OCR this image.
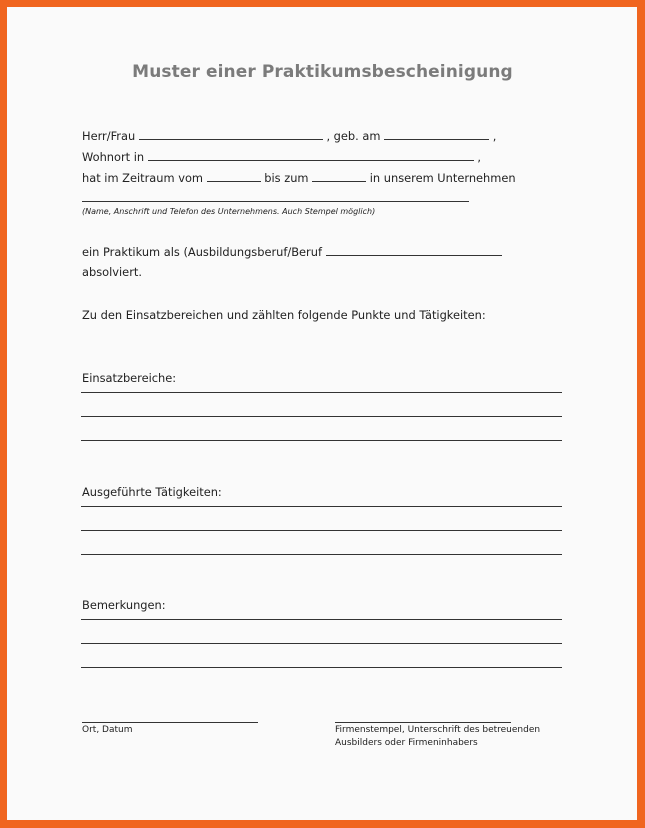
Muster einer Praktikumsbescheinigung
Herr/Frau	, geb. am	,
Wohnort in	,
hat im Zeitraum vom	bis zum	in unserem Unternehmen
(Name, Anschrift und Telefon des Unternehmens. Auch Stempel möglich)
ein Praktikum als (Ausbildungsberuf/Beruf
absolviert.
Zu den Einsatzbereichen und zählten folgende Punkte und Tätigkeiten:
Einsatzbereiche:
Ausgeführte Tätigkeiten:
Bemerkungen:
Ort, Datum	Firmenstempel, Unterschrift des betreuenden
Ausbilders oder Firmeninhabers
